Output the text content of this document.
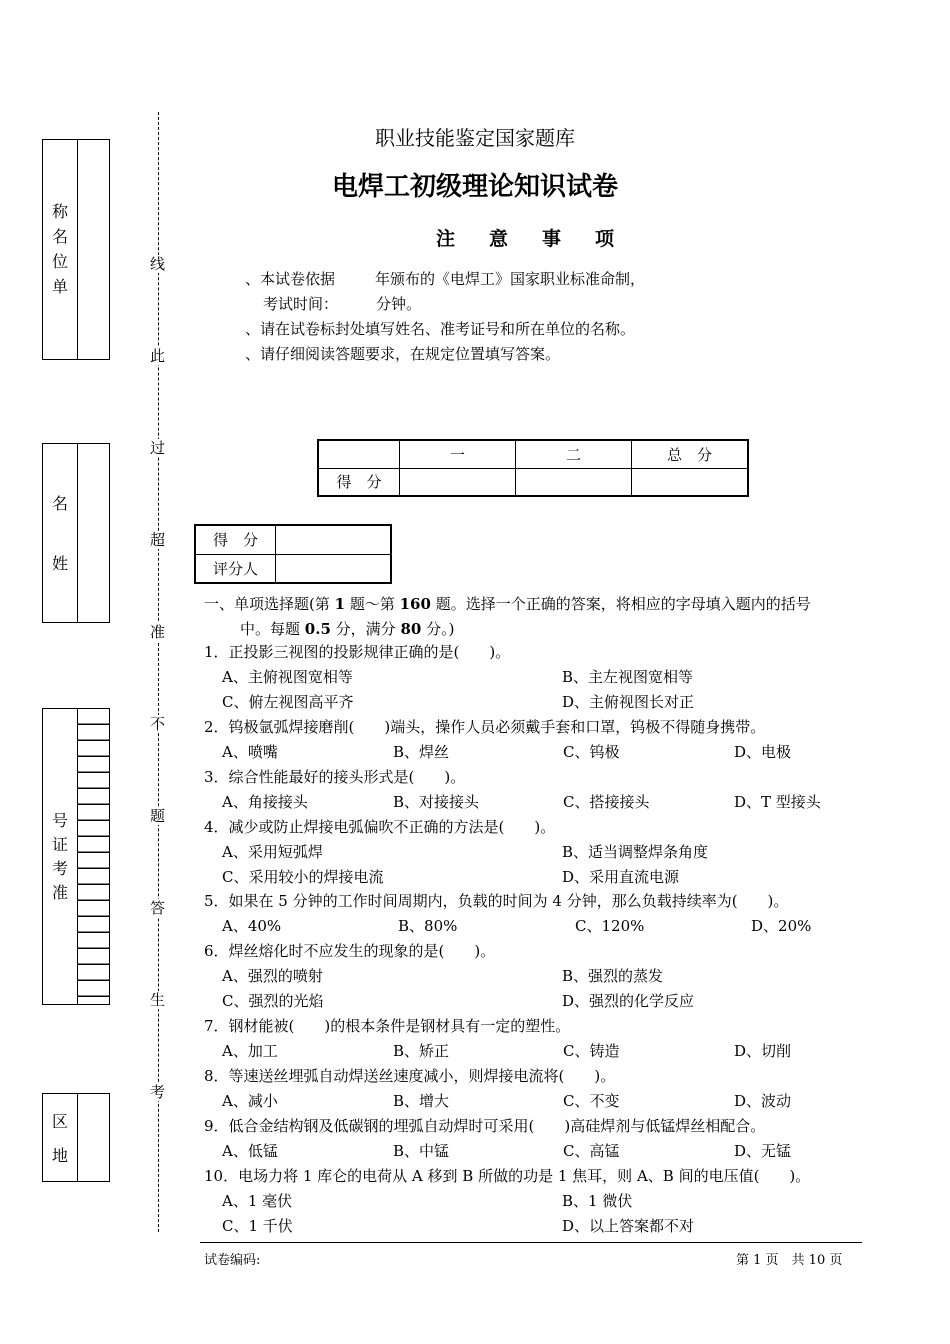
称
名
位
单
名
姓
号
证
考
准
区
地
线
此
过
超
准
不
题
答
生
考
职业技能鉴定国家题库
电焊工初级理论知识试卷
注意事项
、本试卷依据	年颁布的《电焊工》国家职业标准命制，
考试时间：	分钟。
、请在试卷标封处填写姓名、准考证号和所在单位的名称。
、请仔细阅读答题要求，在规定位置填写答案。
	一	二	总　分
得　分			
得　分	
评分人	
一、单项选择题(第 1 题～第 160 题。选择一个正确的答案，将相应的字母填入题内的括号
中。每题 0.5 分，满分 80 分。)
1．正投影三视图的投影规律正确的是(　　)。
A、主俯视图宽相等	B、主左视图宽相等
C、俯左视图高平齐	D、主俯视图长对正
2．钨极氩弧焊接磨削(　　)端头，操作人员必须戴手套和口罩，钨极不得随身携带。
A、喷嘴	B、焊丝	C、钨极	D、电极
3．综合性能最好的接头形式是(　　)。
A、角接接头	B、对接接头	C、搭接接头	D、T 型接头
4．减少或防止焊接电弧偏吹不正确的方法是(　　)。
A、采用短弧焊	B、适当调整焊条角度
C、采用较小的焊接电流	D、采用直流电源
5．如果在 5 分钟的工作时间周期内，负载的时间为 4 分钟，那么负载持续率为(　　)。
A、40%	B、80%	C、120%	D、20%
6．焊丝熔化时不应发生的现象的是(　　)。
A、强烈的喷射	B、强烈的蒸发
C、强烈的光焰	D、强烈的化学反应
7．钢材能被(　　)的根本条件是钢材具有一定的塑性。
A、加工	B、矫正	C、铸造	D、切削
8．等速送丝埋弧自动焊送丝速度减小，则焊接电流将(　　)。
A、减小	B、增大	C、不变	D、波动
9．低合金结构钢及低碳钢的埋弧自动焊时可采用(　　)高硅焊剂与低锰焊丝相配合。
A、低锰	B、中锰	C、高锰	D、无锰
10．电场力将 1 库仑的电荷从 A 移到 B 所做的功是 1 焦耳，则 A、B 间的电压值(　　)。
A、1 毫伏	B、1 微伏
C、1 千伏	D、以上答案都不对
试卷编码:	第 1 页　共 10 页
